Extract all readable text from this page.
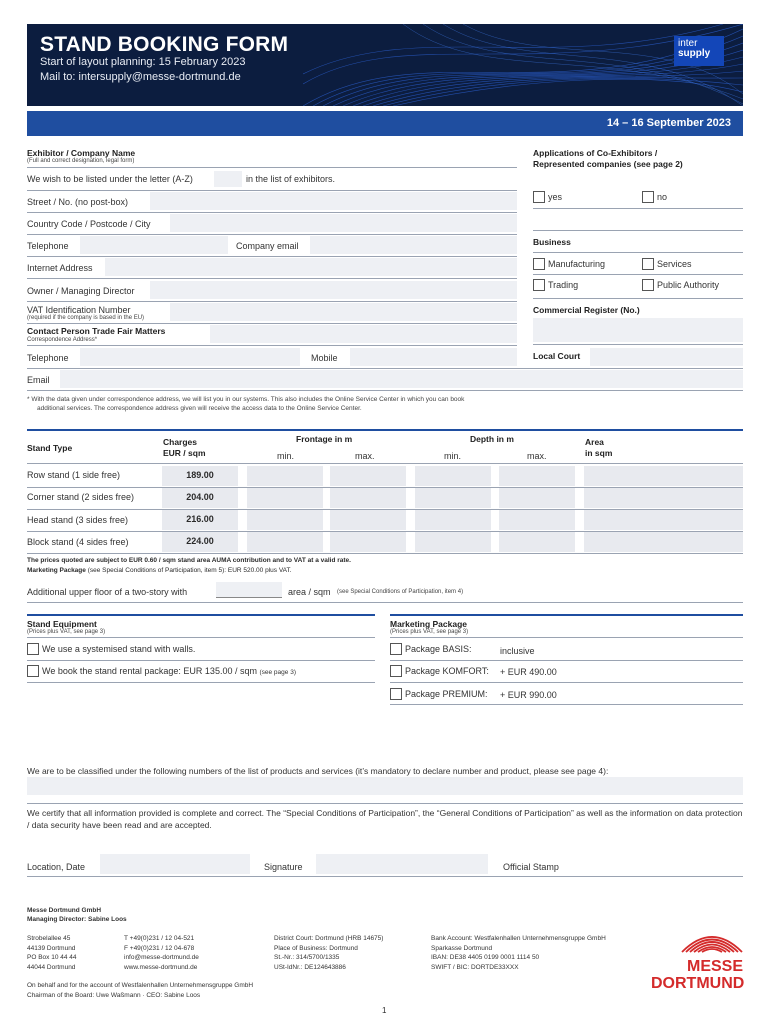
STAND BOOKING FORM
Start of layout planning: 15 February 2023
Mail to: intersupply@messe-dortmund.de
inter
supply
14 – 16 September 2023
Exhibitor / Company Name
(Full and correct designation, legal form)
We wish to be listed under the letter (A-Z)	in the list of exhibitors.
Street / No. (no post-box)
Country Code / Postcode / City
Telephone	Company email
Internet Address
Owner / Managing Director
VAT Identification Number
(required if the company is based in the EU)
Contact Person Trade Fair Matters
Correspondence Address*
Telephone	Mobile
Email
* With the data given under correspondence address, we will list you in our systems. This also includes the Online Service Center in which you can book
additional services. The correspondence address given will receive the access data to the Online Service Center.
Applications of Co-Exhibitors / Represented companies (see page 2)
yes	no
Business
Manufacturing	Services
Trading	Public Authority
Commercial Register (No.)
Local Court
Stand Type
Charges
EUR / sqm
Frontage in m
min.	max.
Depth in m
min.	max.
Area
in sqm
Row stand (1 side free)	189.00
Corner stand (2 sides free)	204.00
Head stand (3 sides free)	216.00
Block stand (4 sides free)	224.00
The prices quoted are subject to EUR 0.60 / sqm stand area AUMA contribution and to VAT at a valid rate.
Marketing Package (see Special Conditions of Participation, item 5): EUR 520.00 plus VAT.
Additional upper floor of a two-story with	area / sqm (see Special Conditions of Participation, item 4)
Stand Equipment
(Prices plus VAT, see page 3)
We use a systemised stand with walls.
We book the stand rental package: EUR 135.00 / sqm (see page 3)
Marketing Package
(Prices plus VAT, see page 3)
Package BASIS:	inclusive
Package KOMFORT: + EUR 490.00
Package PREMIUM: + EUR 990.00
We are to be classified under the following numbers of the list of products and services (it’s mandatory to declare number and product, please see page 4):
We certify that all information provided is complete and correct. The “Special Conditions of Participation”, the “General Conditions of Participation” as well as the information on data protection / data security have been read and are accepted.
Location, Date	Signature	Official Stamp
Messe Dortmund GmbH
Managing Director: Sabine Loos
Strobelallee 45
44139 Dortmund
PO Box 10 44 44
44044 Dortmund
T +49(0)231 / 12 04-521
F +49(0)231 / 12 04-678
info@messe-dortmund.de
www.messe-dortmund.de
District Court: Dortmund (HRB 14675)
Place of Business: Dortmund
St.-Nr.: 314/5700/1335
USt-IdNr.: DE124643886
Bank Account: Westfalenhallen Unternehmensgruppe GmbH
Sparkasse Dortmund
IBAN: DE38 4405 0199 0001 1114 50
SWIFT / BIC: DORTDE33XXX
On behalf and for the account of Westfalenhallen Unternehmensgruppe GmbH
Chairman of the Board: Uwe Waßmann · CEO: Sabine Loos
MESSE
DORTMUND
1
